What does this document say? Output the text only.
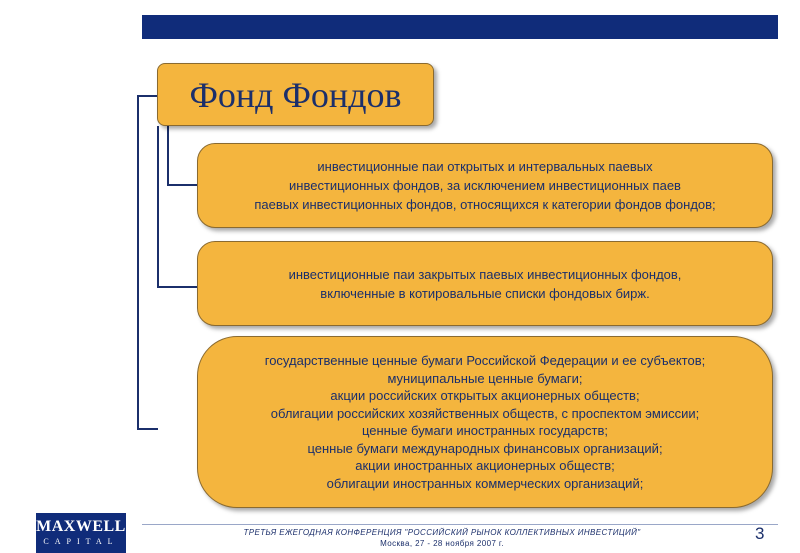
Фонд Фондов
инвестиционные паи открытых и интервальных паевых
инвестиционных фондов, за исключением инвестиционных паев
паевых инвестиционных фондов, относящихся к категории фондов фондов;
инвестиционные паи закрытых паевых инвестиционных фондов,
включенные в котировальные списки фондовых бирж.
государственные ценные бумаги Российской Федерации и ее субъектов;
муниципальные ценные бумаги;
акции российских открытых акционерных обществ;
облигации российских хозяйственных обществ, с проспектом эмиссии;
ценные бумаги иностранных государств;
ценные бумаги международных финансовых организаций;
акции иностранных акционерных обществ;
облигации иностранных коммерческих организаций;
MAXWELL
CAPITAL
ТРЕТЬЯ ЕЖЕГОДНАЯ КОНФЕРЕНЦИЯ "РОССИЙСКИЙ РЫНОК КОЛЛЕКТИВНЫХ ИНВЕСТИЦИЙ"
Москва, 27 - 28 ноября 2007 г.
3
